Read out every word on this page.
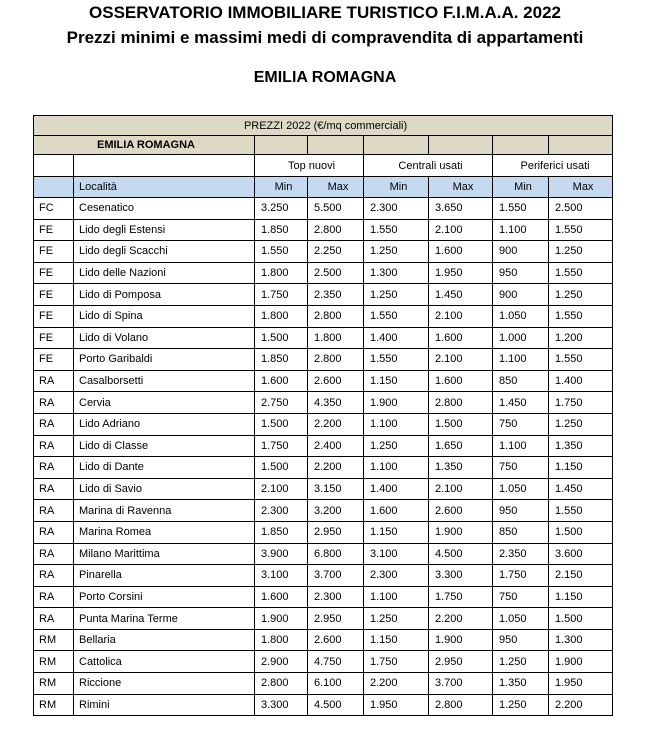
OSSERVATORIO IMMOBILIARE TURISTICO F.I.M.A.A. 2022
Prezzi minimi e massimi medi di compravendita di appartamenti
EMILIA ROMAGNA
PREZZI 2022 (€/mq commerciali)							
EMILIA ROMAGNA							
		Top nuovi		Centrali usati		Periferici usati	
	Località	Min	Max	Min	Max	Min	Max
FC	Cesenatico	3.250	5.500	2.300	3.650	1.550	2.500
FE	Lido degli Estensi	1.850	2.800	1.550	2.100	1.100	1.550
FE	Lido degli Scacchi	1.550	2.250	1.250	1.600	900	1.250
FE	Lido delle Nazioni	1.800	2.500	1.300	1.950	950	1.550
FE	Lido di Pomposa	1.750	2.350	1.250	1.450	900	1.250
FE	Lido di Spina	1.800	2.800	1.550	2.100	1.050	1.550
FE	Lido di Volano	1.500	1.800	1.400	1.600	1.000	1.200
FE	Porto Garibaldi	1.850	2.800	1.550	2.100	1.100	1.550
RA	Casalborsetti	1.600	2.600	1.150	1.600	850	1.400
RA	Cervia	2.750	4.350	1.900	2.800	1.450	1.750
RA	Lido Adriano	1.500	2.200	1.100	1.500	750	1.250
RA	Lido di Classe	1.750	2.400	1.250	1.650	1.100	1.350
RA	Lido di Dante	1.500	2.200	1.100	1.350	750	1.150
RA	Lido di Savio	2.100	3.150	1.400	2.100	1.050	1.450
RA	Marina di Ravenna	2.300	3.200	1.600	2.600	950	1.550
RA	Marina Romea	1.850	2.950	1.150	1.900	850	1.500
RA	Milano Marittima	3.900	6.800	3.100	4.500	2.350	3.600
RA	Pinarella	3.100	3.700	2.300	3.300	1.750	2.150
RA	Porto Corsini	1.600	2.300	1.100	1.750	750	1.150
RA	Punta Marina Terme	1.900	2.950	1.250	2.200	1.050	1.500
RM	Bellaria	1.800	2.600	1.150	1.900	950	1.300
RM	Cattolica	2.900	4.750	1.750	2.950	1.250	1.900
RM	Riccione	2.800	6.100	2.200	3.700	1.350	1.950
RM	Rimini	3.300	4.500	1.950	2.800	1.250	2.200
